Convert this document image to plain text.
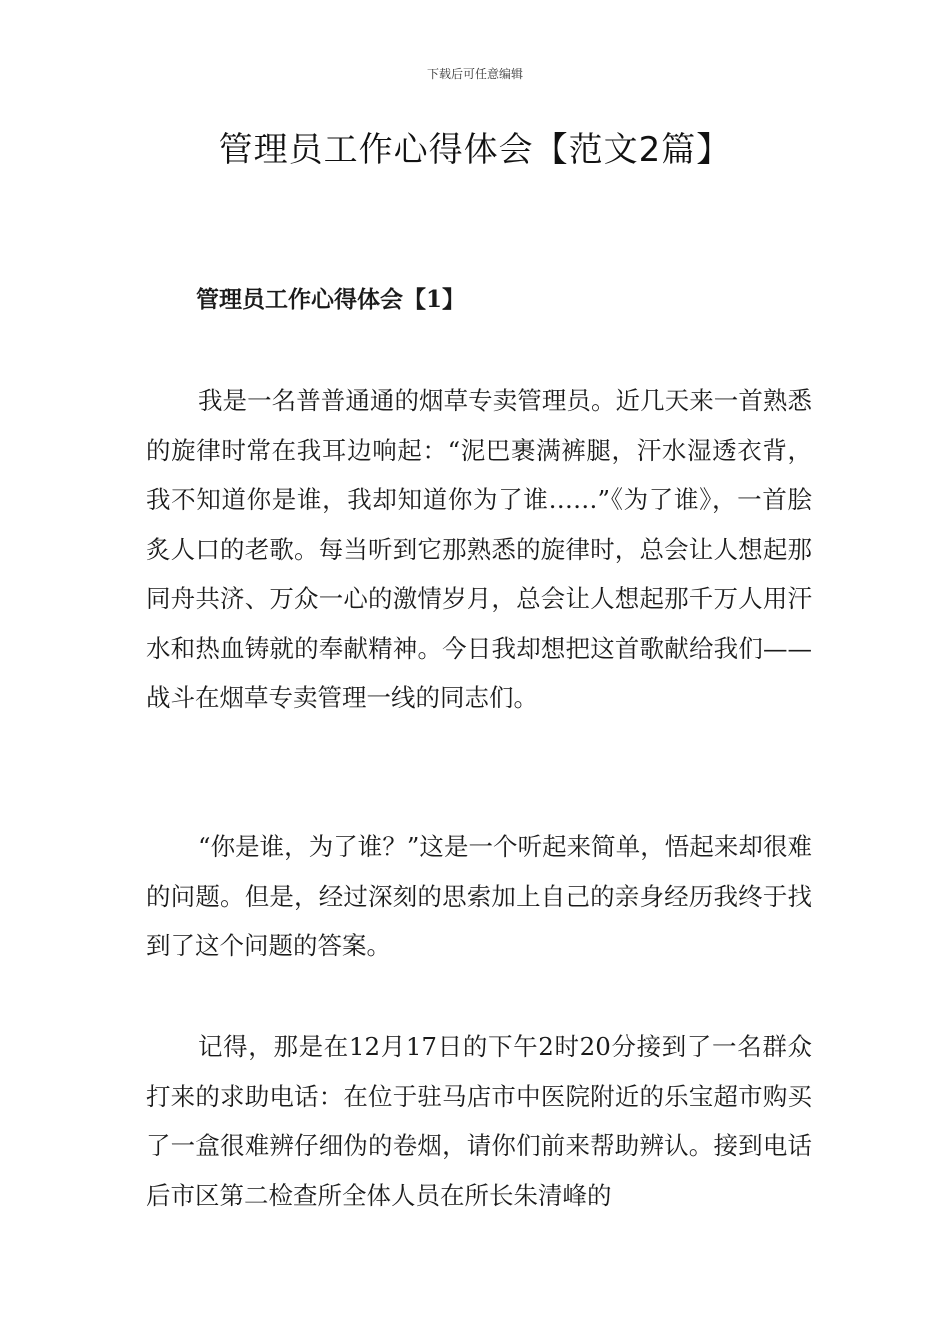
下载后可任意编辑
管理员工作心得体会【范文2篇】
管理员工作心得体会【1】

我是一名普普通通的烟草专卖管理员。近几天来一首熟悉的旋律时常在我耳边响起：“泥巴裹满裤腿，汗水湿透衣背，我不知道你是谁，我却知道你为了谁……”《为了谁》，一首脍炙人口的老歌。每当听到它那熟悉的旋律时，总会让人想起那同舟共济、万众一心的激情岁月，总会让人想起那千万人用汗水和热血铸就的奉献精神。今日我却想把这首歌献给我们——战斗在烟草专卖管理一线的同志们。

“你是谁，为了谁？”这是一个听起来简单，悟起来却很难的问题。但是，经过深刻的思索加上自己的亲身经历我终于找到了这个问题的答案。

记得，那是在12月17日的下午2时20分接到了一名群众打来的求助电话：在位于驻马店市中医院附近的乐宝超市购买了一盒很难辨仔细伪的卷烟，请你们前来帮助辨认。接到电话后市区第二检查所全体人员在所长朱清峰的
